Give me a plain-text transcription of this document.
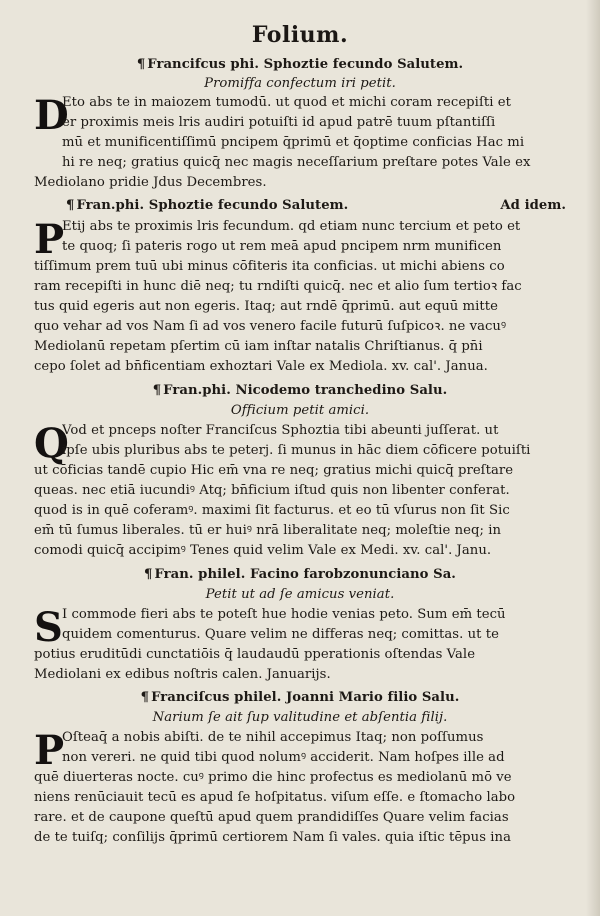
Folium.
¶ Francifcus phi. Sphoztie fecundo Salutem.
Promiffa confectum iri petit.
D
Eto abs te in maiozem tumodū. ut quod et michi coram recepiſti et
er proximis meis lris audiri potuiſti id apud patrē tuum pſtantiſſi
mū et munificentiſſimū pncipem q̄primū et q̄optime conficias Hac mi
hi re neq; gratius quicq̄ nec magis neceſſarium preſtare potes Vale ex
Mediolano pridie Jdus Decembres.
¶ Fran.phi. Sphoztie fecundo Salutem.	Ad idem.
P
Etij abs te proximis lris fecundum. qd etiam nunc tercium et peto et
te quoq; ſi pateris rogo ut rem meā apud pncipem nrm munificen
tiſſimum prem tuū ubi minus cōfiteris ita conficias. ut michi abiens co
ram recepiſti in hunc diē neq; tu rndiſti quicq̄. nec et alio ſum tertioꝛ fac
tus quid egeris aut non egeris. Itaq; aut rndē q̄primū. aut equū mitte
quo vehar ad vos Nam ſi ad vos venero facile futurū ſuſpicoꝛ. ne vacuꝰ
Mediolanū repetam pſertim cū iam inſtar natalis Chriſtianus. q̄ pn̄i
cepo ſolet ad bn̄ficentiam exhoztari Vale ex Mediola. xv. cal'. Janua.
¶ Fran.phi. Nicodemo tranchedino Salu.
Officium petit amici.
Q
Vod et pnceps noſter Franciſcus Sphoztia tibi abeunti juſſerat. ut
ipſe ubis pluribus abs te peterj. ſi munus in hāc diem cōficere potuiſti
ut cōficias tandē cupio Hic em̄ vna re neq; gratius michi quicq̄ preſtare
queas. nec etiā iucundiꝰ Atq; bn̄ficium iſtud quis non libenter conferat.
quod is in quē coferamꝰ. maximi ſit facturus. et eo tū vſurus non ſit Sic
em̄ tū ſumus liberales. tū er huiꝰ nrā liberalitate neq; moleſtie neq; in
comodi quicq̄ accipimꝰ Tenes quid velim Vale ex Medi. xv. cal'. Janu.
¶ Fran. philel. Facino farobzonunciano Sa.
Petit ut ad ſe amicus veniat.
S I commode fieri abs te poteſt hue hodie venias peto. Sum em̄ tecū
quidem comenturus. Quare velim ne differas neq; comittas. ut te
potius eruditūdi cunctatiōis q̄ laudaudū pperationis oſtendas Vale
Mediolani ex edibus noſtris calen. Januarijs.
¶ Franciſcus philel. Joanni Mario filio Salu.
Narium ſe ait ſup valitudine et abſentia filij.
P
Oſteaq̄ a nobis abiſti. de te nihil accepimus Itaq; non poſſumus
non vereri. ne quid tibi quod nolumꝰ acciderit. Nam hoſpes ille ad
quē diuerteras nocte. cuꝰ primo die hinc profectus es mediolanū mō ve
niens renūciauit tecū es apud ſe hoſpitatus. viſum eſſe. e ſtomacho labo
rare. et de caupone queſtū apud quem prandidiſſes Quare velim facias
de te tuiſq; conſilijs q̄primū certiorem Nam ſi vales. quia iſtic tēpus ina
